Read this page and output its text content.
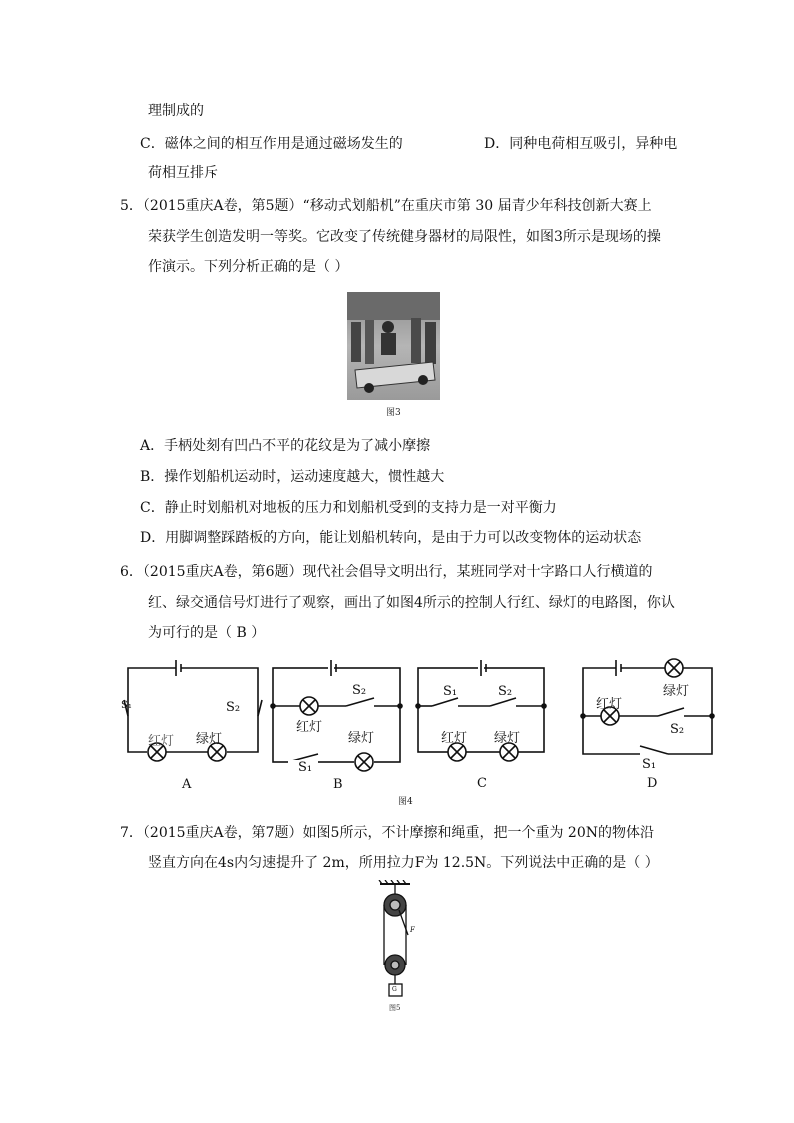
理制成的
C．磁体之间的相互作用是通过磁场发生的	D．同种电荷相互吸引，异种电
荷相互排斥
5．（2015重庆A卷，第5题）“移动式划船机”在重庆市第 30 届青少年科技创新大赛上
荣获学生创造发明一等奖。它改变了传统健身器材的局限性，如图3所示是现场的操
作演示。下列分析正确的是（ ）
图3
A．手柄处刻有凹凸不平的花纹是为了减小摩擦
B．操作划船机运动时，运动速度越大，惯性越大
C．静止时划船机对地板的压力和划船机受到的支持力是一对平衡力
D．用脚调整踩踏板的方向，能让划船机转向，是由于力可以改变物体的运动状态
6．（2015重庆A卷，第6题）现代社会倡导文明出行，某班同学对十字路口人行横道的
红、绿交通信号灯进行了观察，画出了如图4所示的控制人行红、绿灯的电路图，你认
为可行的是（ B ）
S₁	S₂
红灯 绿灯
A
S₂
红灯
绿灯
S₁
B
S₁	S₂
红灯 绿灯
C
绿灯
红灯
S₂
S₁
D
图4
7．（2015重庆A卷，第7题）如图5所示，不计摩擦和绳重，把一个重为 20N的物体沿
竖直方向在4s内匀速提升了 2m，所用拉力F为 12.5N。下列说法中正确的是（ ）
F
G
图5
